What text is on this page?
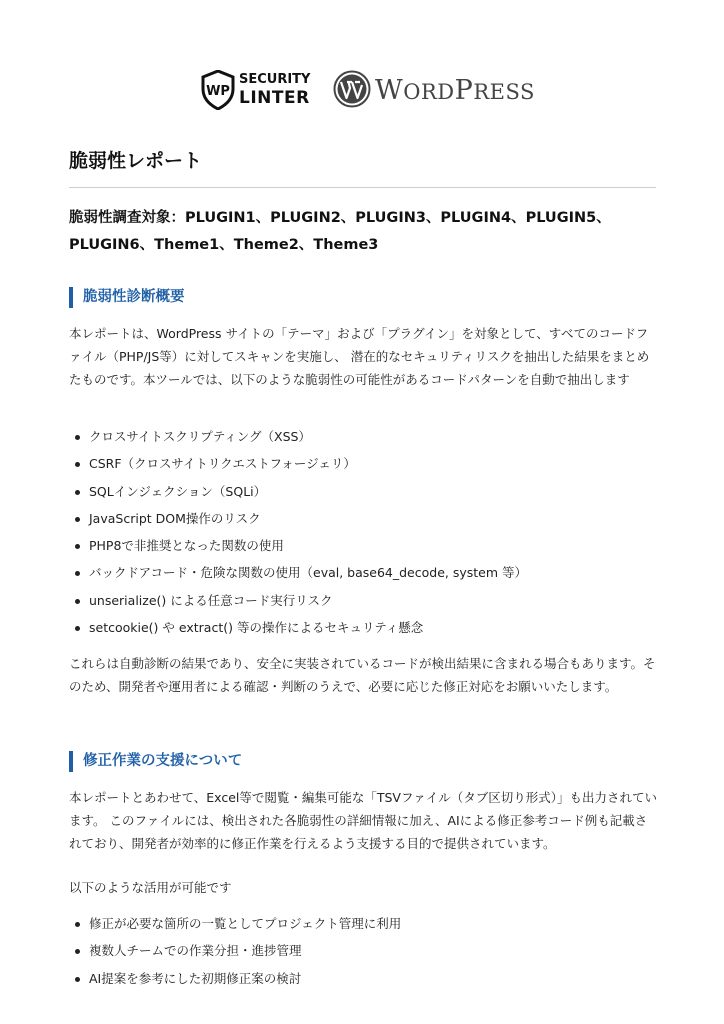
WP
SECURITY
LINTER WORDPRESS
脆弱性レポート

脆弱性調査対象：PLUGIN1、PLUGIN2、PLUGIN3、PLUGIN4、PLUGIN5、PLUGIN6、Theme1、Theme2、Theme3

脆弱性診断概要

本レポートは、WordPress サイトの「テーマ」および「プラグイン」を対象として、すべてのコードファイル（PHP/JS等）に対してスキャンを実施し、 潜在的なセキュリティリスクを抽出した結果をまとめたものです。本ツールでは、以下のような脆弱性の可能性があるコードパターンを自動で抽出します

クロスサイトスクリプティング（XSS）
CSRF（クロスサイトリクエストフォージェリ）
SQLインジェクション（SQLi）
JavaScript DOM操作のリスク
PHP8で非推奨となった関数の使用
バックドアコード・危険な関数の使用（eval, base64_decode, system 等）
unserialize() による任意コード実行リスク
setcookie() や extract() 等の操作によるセキュリティ懸念

これらは自動診断の結果であり、安全に実装されているコードが検出結果に含まれる場合もあります。そのため、開発者や運用者による確認・判断のうえで、必要に応じた修正対応をお願いいたします。

修正作業の支援について

本レポートとあわせて、Excel等で閲覧・編集可能な「TSVファイル（タブ区切り形式）」も出力されています。 このファイルには、検出された各脆弱性の詳細情報に加え、AIによる修正参考コード例も記載されており、開発者が効率的に修正作業を行えるよう支援する目的で提供されています。

以下のような活用が可能です

修正が必要な箇所の一覧としてプロジェクト管理に利用
複数人チームでの作業分担・進捗管理
AI提案を参考にした初期修正案の検討
